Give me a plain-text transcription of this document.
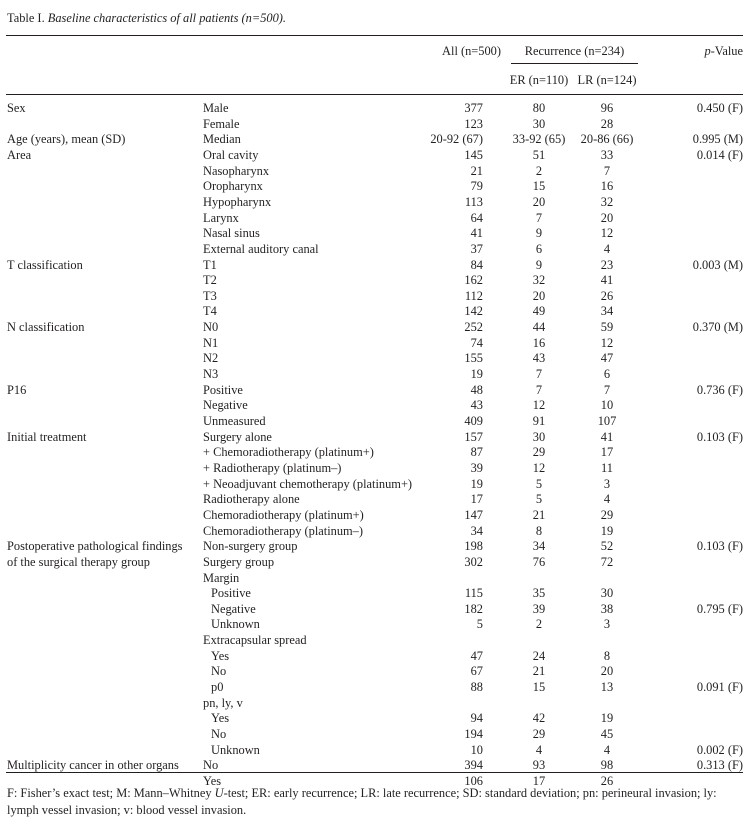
Table I. Baseline characteristics of all patients (n=500).
All (n=500)	Recurrence (n=234)	p-Value
ER (n=110) LR (n=124)
Sex	Male	377	80	96	0.450 (F)
Female	123	30	28
Age (years), mean (SD)	Median	20-92 (67)	33-92 (65)	20-86 (66)	0.995 (M)
Area	Oral cavity	145	51	33	0.014 (F)
Nasopharynx	21	2	7
Oropharynx	79	15	16
Hypopharynx	113	20	32
Larynx	64	7	20
Nasal sinus	41	9	12
External auditory canal	37	6	4
T classification	T1	84	9	23	0.003 (M)
T2	162	32	41
T3	112	20	26
T4	142	49	34
N classification	N0	252	44	59	0.370 (M)
N1	74	16	12
N2	155	43	47
N3	19	7	6
P16	Positive	48	7	7	0.736 (F)
Negative	43	12	10
Unmeasured	409	91	107
Initial treatment	Surgery alone	157	30	41	0.103 (F)
+ Chemoradiotherapy (platinum+)	87	29	17
+ Radiotherapy (platinum–)	39	12	11
+ Neoadjuvant chemotherapy (platinum+)	19	5	3
Radiotherapy alone	17	5	4
Chemoradiotherapy (platinum+)	147	21	29
Chemoradiotherapy (platinum–)	34	8	19
Postoperative pathological findings Non-surgery group	198	34	52	0.103 (F)
of the surgical therapy group	Surgery group	302	76	72
Margin
Positive	115	35	30
Negative	182	39	38	0.795 (F)
Unknown	5	2	3
Extracapsular spread
Yes	47	24	8
No	67	21	20
p0	88	15	13	0.091 (F)
pn, ly, v
Yes	94	42	19
No	194	29	45
Unknown	10	4	4	0.002 (F)
Multiplicity cancer in other organs No	394	93	98	0.313 (F)
Yes	106	17	26
F: Fisher’s exact test; M: Mann–Whitney U-test; ER: early recurrence; LR: late recurrence; SD: standard deviation; pn: perineural invasion; ly: lymph vessel invasion; v: blood vessel invasion.
